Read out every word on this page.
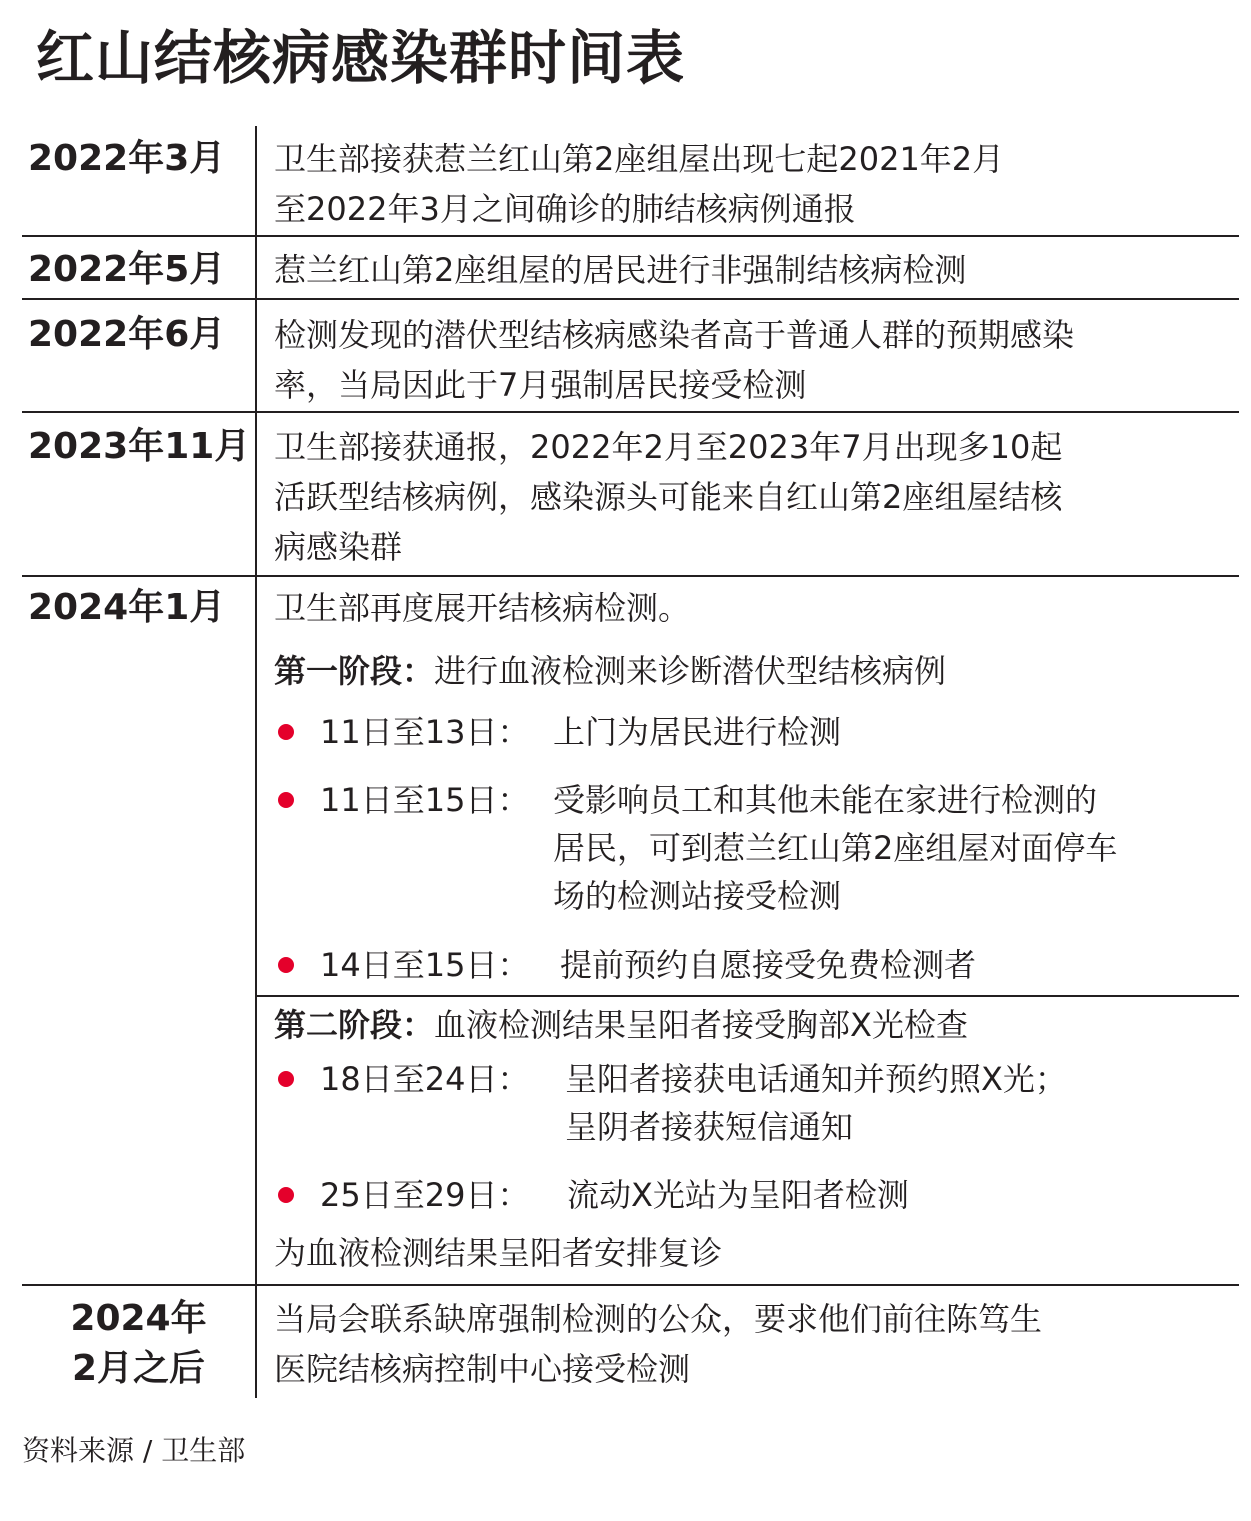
红山结核病感染群时间表
2022年3月 卫生部接获惹兰红山第2座组屋出现七起2021年2月
至2022年3月之间确诊的肺结核病例通报
2022年5月 惹兰红山第2座组屋的居民进行非强制结核病检测
2022年6月 检测发现的潜伏型结核病感染者高于普通人群的预期感染
率，当局因此于7月强制居民接受检测
2023年11月 卫生部接获通报，2022年2月至2023年7月出现多10起
活跃型结核病例，感染源头可能来自红山第2座组屋结核
病感染群
2024年1月 卫生部再度展开结核病检测。
第一阶段：进行血液检测来诊断潜伏型结核病例
11日至13日： 上门为居民进行检测
11日至15日： 受影响员工和其他未能在家进行检测的
居民，可到惹兰红山第2座组屋对面停车
场的检测站接受检测
14日至15日： 提前预约自愿接受免费检测者
第二阶段：血液检测结果呈阳者接受胸部X光检查
18日至24日： 呈阳者接获电话通知并预约照X光；
呈阴者接获短信通知
25日至29日： 流动X光站为呈阳者检测
为血液检测结果呈阳者安排复诊
2024年
2月之后
当局会联系缺席强制检测的公众，要求他们前往陈笃生
医院结核病控制中心接受检测
资料来源 / 卫生部
